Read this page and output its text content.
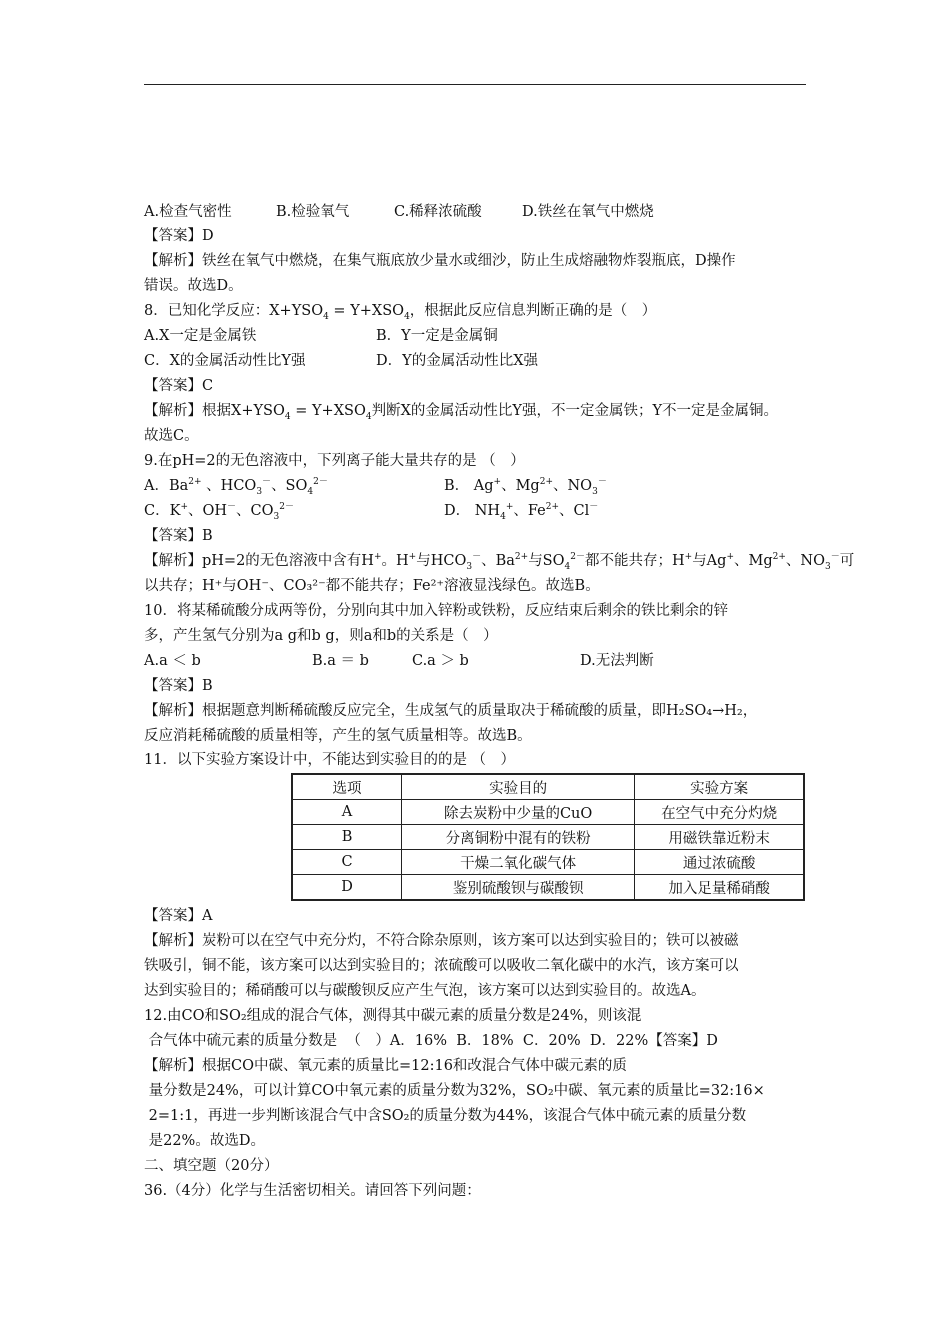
A.检查气密性	B.检验氧气	C.稀释浓硫酸	D.铁丝在氧气中燃烧
【答案】D
【解析】铁丝在氧气中燃烧，在集气瓶底放少量水或细沙，防止生成熔融物炸裂瓶底，D操作
错误。故选D。
8．已知化学反应：$X+YSO_4 = Y+XSO_4$，根据此反应信息判断正确的是（　）
A.X一定是金属铁	B．Y一定是金属铜
C．X的金属活动性比Y强	D．Y的金属活动性比X强
【答案】C
【解析】根据$X+YSO_4 = Y+XSO_4$判断X的金属活动性比Y强，不一定金属铁；Y不一定是金属铜。
故选C。
9.在pH=2的无色溶液中，下列离子能大量共存的是 （　）
A．$Ba^{2+}$ 、$HCO_3^-$、$SO_4^{2-}$	B． Ag+、$Mg^{2+}$、$NO_3^-$
C．K+、OH－、$CO_3^{2-}$	D． $NH_4^+$、$Fe^{2+}$、Cl－
【答案】B
【解析】pH=2的无色溶液中含有H+。H+与$HCO_3^-$、$Ba^{2+}$与$SO_4^{2-}$都不能共存；H+与Ag+、$Mg^{2+}$、$NO_3^-$可
以共存；H⁺与OH⁻、CO₃²⁻都不能共存；Fe²⁺溶液显浅绿色。故选B。
10．将某稀硫酸分成两等份，分别向其中加入锌粉或铁粉，反应结束后剩余的铁比剩余的锌
多，产生氢气分别为a g和b g，则a和b的关系是（　）
A.a ＜ b	B.a ＝ b	C.a ＞ b	D.无法判断
【答案】B
【解析】根据题意判断稀硫酸反应完全，生成氢气的质量取决于稀硫酸的质量，即H₂SO₄→H₂，
反应消耗稀硫酸的质量相等，产生的氢气质量相等。故选B。
11．以下实验方案设计中，不能达到实验目的的是 （　）
选项	实验目的	实验方案
A	除去炭粉中少量的CuO	在空气中充分灼烧
B	分离铜粉中混有的铁粉	用磁铁靠近粉末
C	干燥二氧化碳气体	通过浓硫酸
D	鉴别硫酸钡与碳酸钡	加入足量稀硝酸
【答案】A
【解析】炭粉可以在空气中充分灼，不符合除杂原则，该方案可以达到实验目的；铁可以被磁
铁吸引，铜不能，该方案可以达到实验目的；浓硫酸可以吸收二氧化碳中的水汽，该方案可以
达到实验目的；稀硝酸可以与碳酸钡反应产生气泡，该方案可以达到实验目的。故选A。
12.由CO和SO₂组成的混合气体，测得其中碳元素的质量分数是24%，则该混
合气体中硫元素的质量分数是  （　）A．16%  B．18%  C．20%  D．22%【答案】D
【解析】根据CO中碳、氧元素的质量比=12:16和改混合气体中碳元素的质
量分数是24%，可以计算CO中氧元素的质量分数为32%，SO₂中碳、氧元素的质量比=32:16×
2=1:1，再进一步判断该混合气中含SO₂的质量分数为44%，该混合气体中硫元素的质量分数
是22%。故选D。
二、填空题（20分）
36.（4分）化学与生活密切相关。请回答下列问题：
